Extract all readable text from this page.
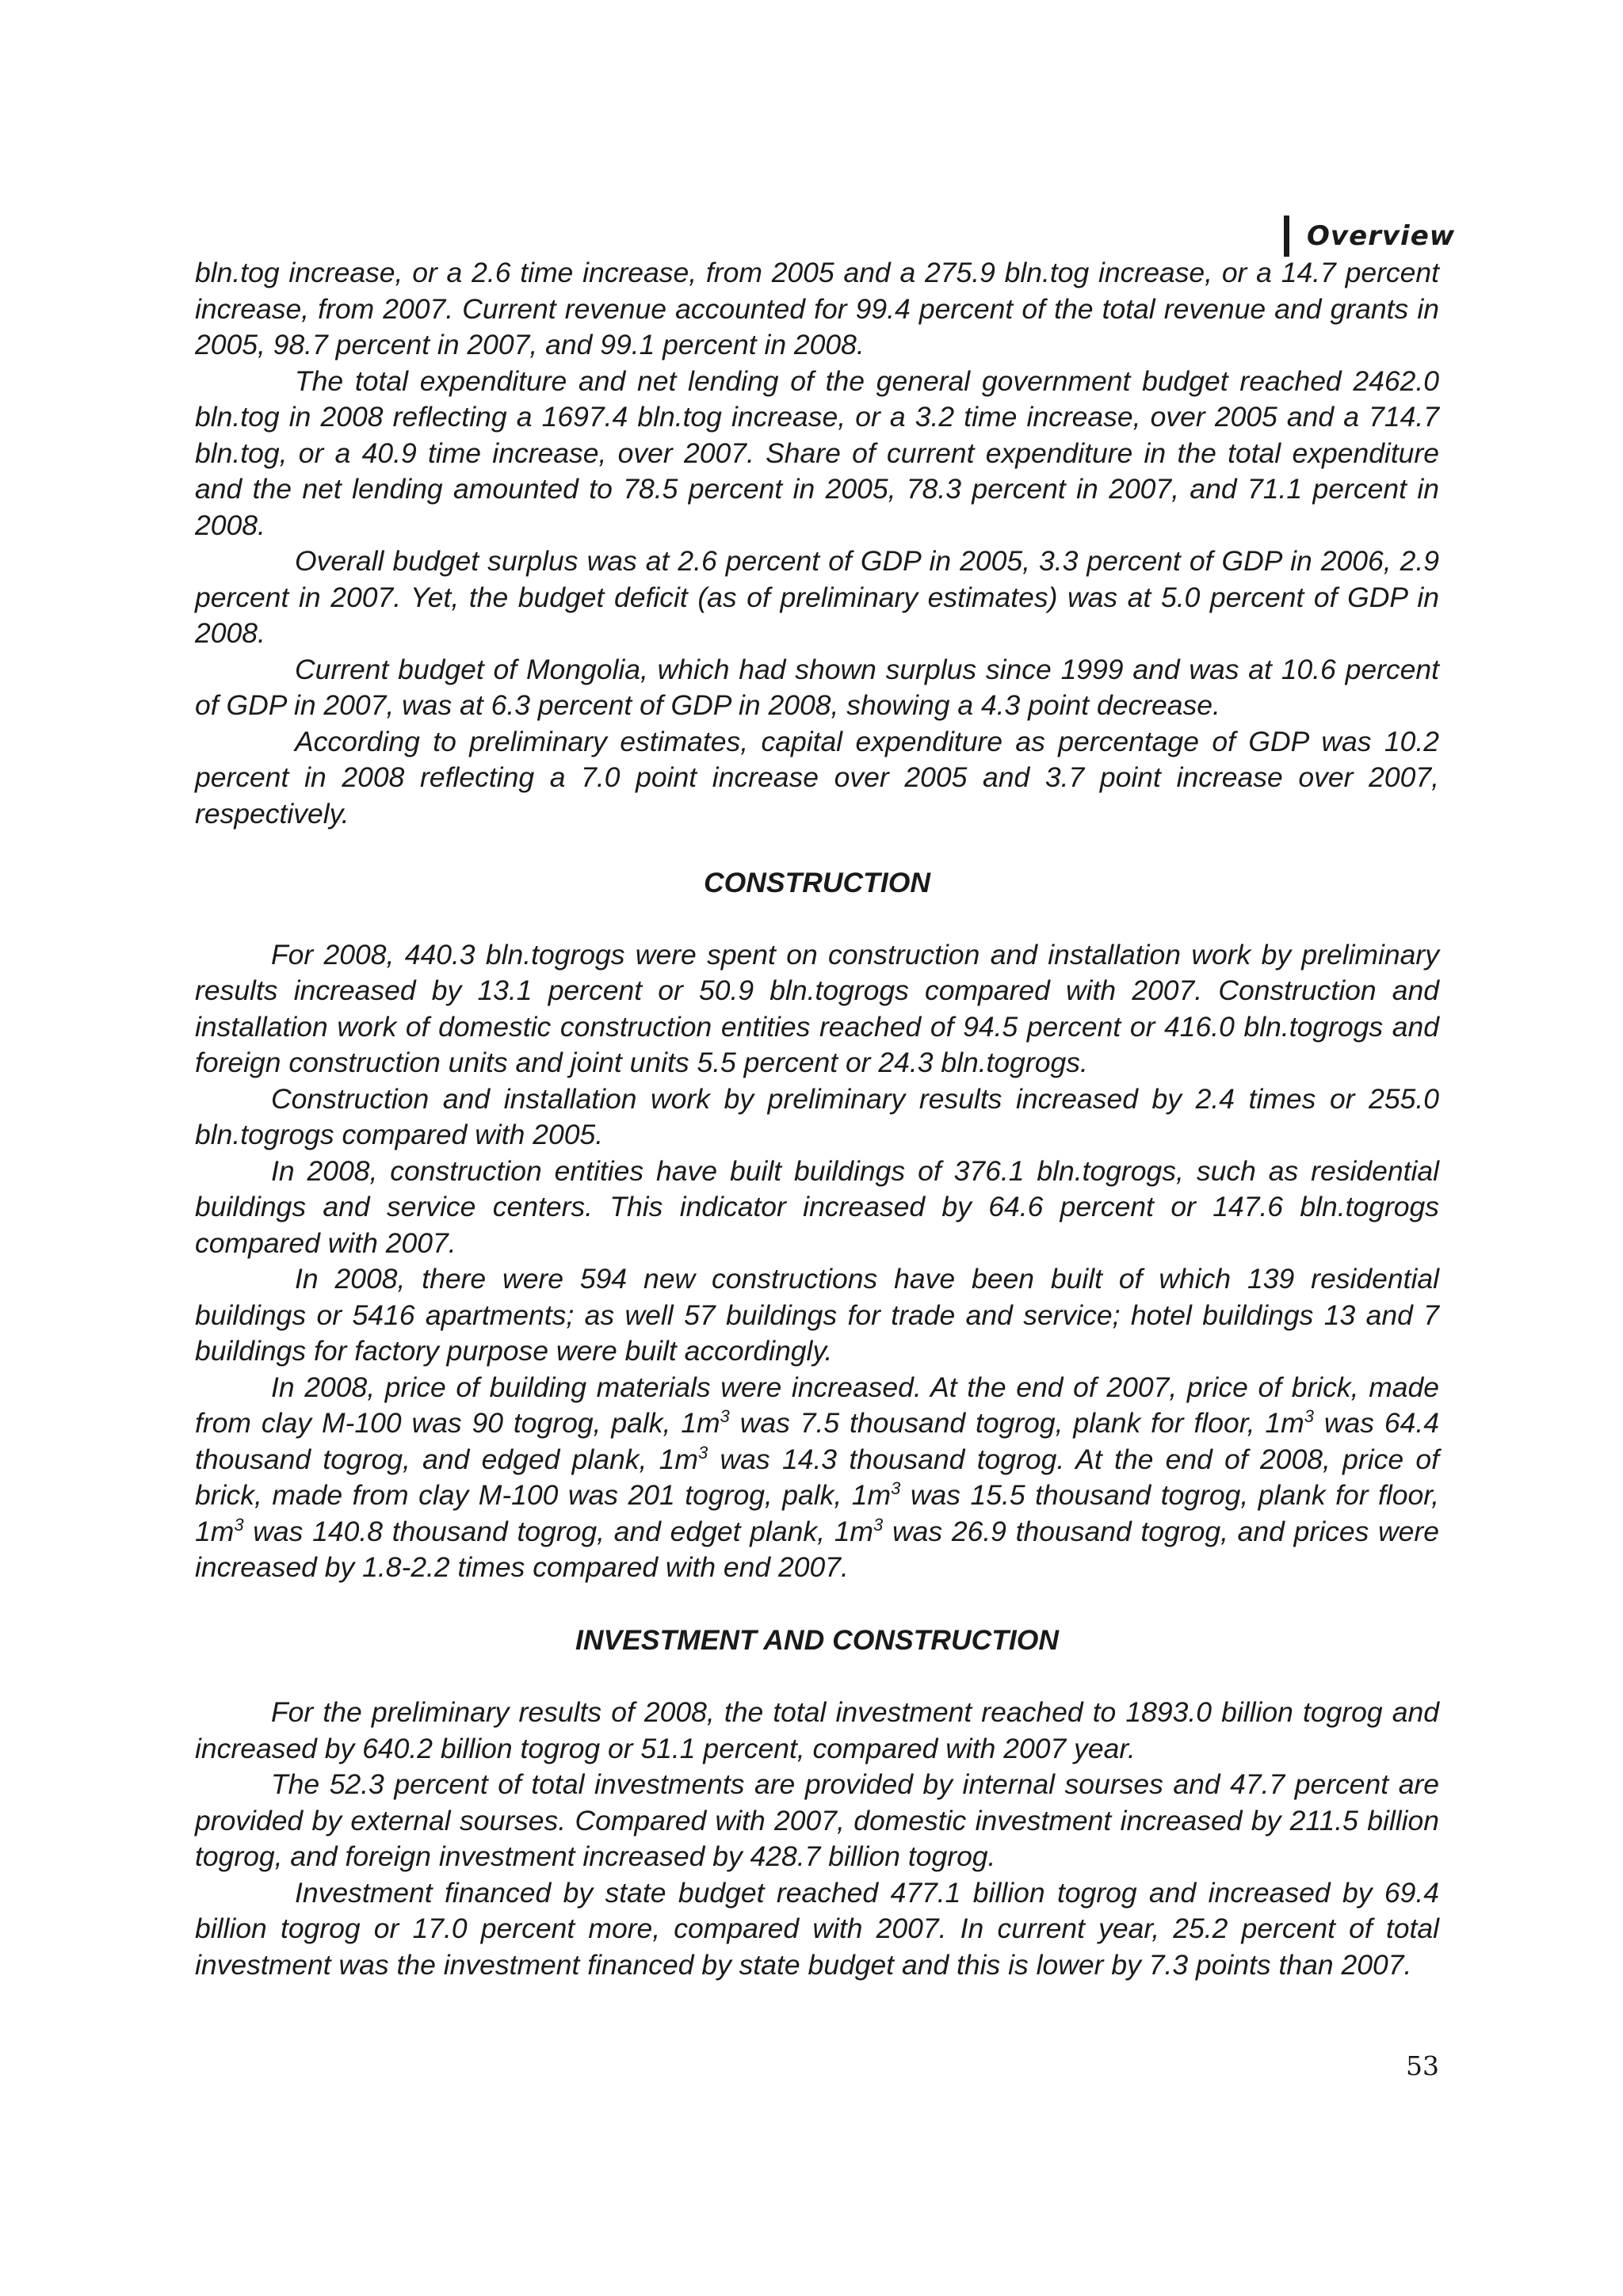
Overview

bln.tog increase, or a 2.6 time increase, from 2005 and a 275.9 bln.tog increase, or a 14.7 percent increase, from 2007. Current revenue accounted for 99.4 percent of the total revenue and grants in 2005, 98.7 percent in 2007, and 99.1 percent in 2008.

The total expenditure and net lending of the general government budget reached 2462.0 bln.tog in 2008 reflecting a 1697.4 bln.tog increase, or a 3.2 time increase, over 2005 and a 714.7 bln.tog, or a 40.9 time increase, over 2007. Share of current expenditure in the total expenditure and the net lending amounted to 78.5 percent in 2005, 78.3 percent in 2007, and 71.1 percent in 2008.

Overall budget surplus was at 2.6 percent of GDP in 2005, 3.3 percent of GDP in 2006, 2.9 percent in 2007. Yet, the budget deficit (as of preliminary estimates) was at 5.0 percent of GDP in 2008.

Current budget of Mongolia, which had shown surplus since 1999 and was at 10.6 percent of GDP in 2007, was at 6.3 percent of GDP in 2008, showing a 4.3 point decrease.

According to preliminary estimates, capital expenditure as percentage of GDP was 10.2 percent in 2008 reflecting a 7.0 point increase over 2005 and 3.7 point increase over 2007, respectively.

CONSTRUCTION

For 2008, 440.3 bln.togrogs were spent on construction and installation work by preliminary results increased by 13.1 percent or 50.9 bln.togrogs compared with 2007. Construction and installation work of domestic construction entities reached of 94.5 percent or 416.0 bln.togrogs and foreign construction units and joint units 5.5 percent or 24.3 bln.togrogs.

Construction and installation work by preliminary results increased by 2.4 times or 255.0 bln.togrogs compared with 2005.

In 2008, construction entities have built buildings of 376.1 bln.togrogs, such as residential buildings and service centers. This indicator increased by 64.6 percent or 147.6 bln.togrogs compared with 2007.

In 2008, there were 594 new constructions have been built of which 139 residential buildings or 5416 apartments; as well 57 buildings for trade and service; hotel buildings 13 and 7 buildings for factory purpose were built accordingly.

In 2008, price of building materials were increased. At the end of 2007, price of brick, made from clay M-100 was 90 togrog, palk, $1m^3$ was 7.5 thousand togrog, plank for floor, $1m^3$ was 64.4 thousand togrog, and edged plank, $1m^3$ was 14.3 thousand togrog. At the end of 2008, price of brick, made from clay M-100 was 201 togrog, palk, $1m^3$ was 15.5 thousand togrog, plank for floor, $1m^3$ was 140.8 thousand togrog, and edget plank, $1m^3$ was 26.9 thousand togrog, and prices were increased by 1.8-2.2 times compared with end 2007.

INVESTMENT AND CONSTRUCTION

For the preliminary results of 2008, the total investment reached to 1893.0 billion togrog and increased by 640.2 billion togrog or 51.1 percent, compared with 2007 year.

The 52.3 percent of total investments are provided by internal sourses and 47.7 percent are provided by external sourses. Compared with 2007, domestic investment increased by 211.5 billion togrog, and foreign investment increased by 428.7 billion togrog.

Investment financed by state budget reached 477.1 billion togrog and increased by 69.4 billion togrog or 17.0 percent more, compared with 2007. In current year, 25.2 percent of total investment was the investment financed by state budget and this is lower by 7.3 points than 2007.

53
